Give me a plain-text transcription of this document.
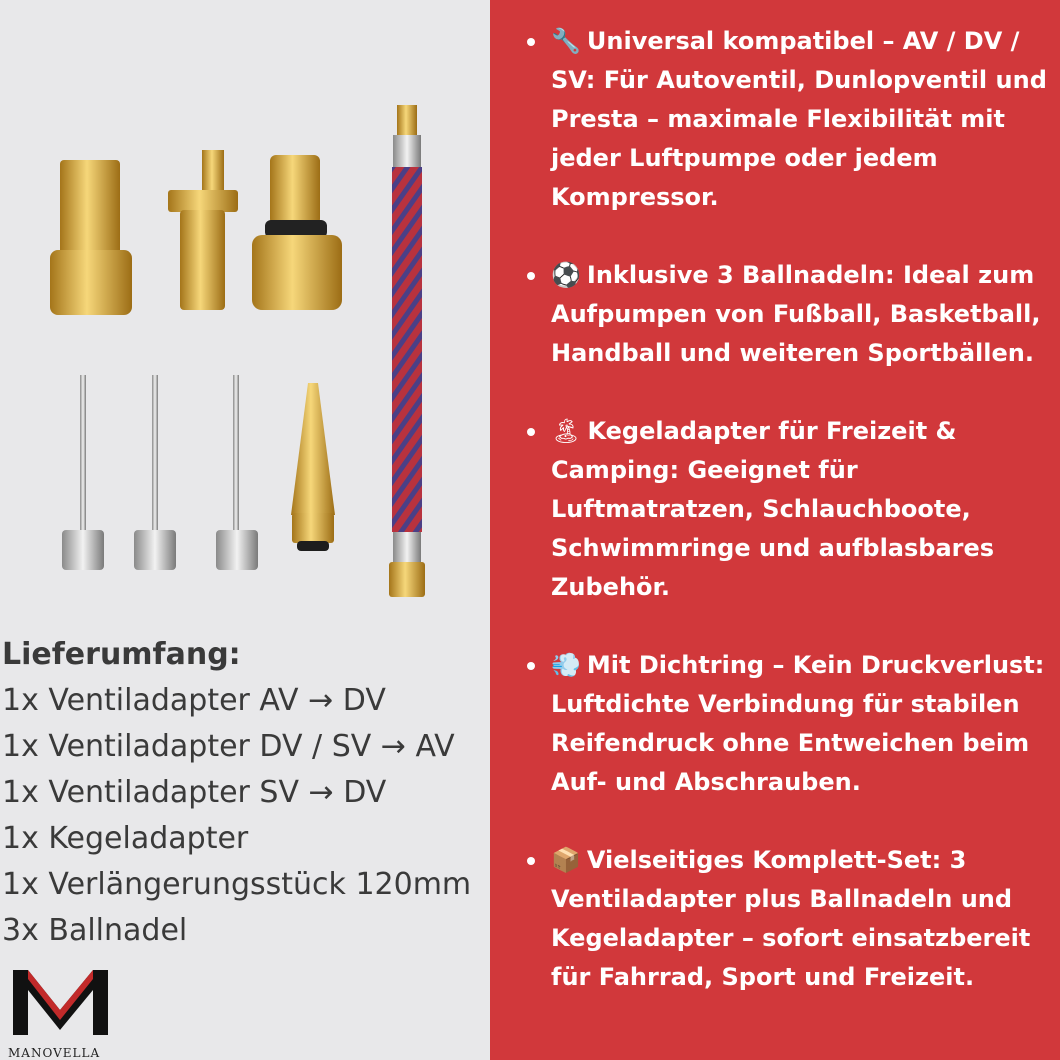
Lieferumfang:
1x Ventiladapter AV → DV
1x Ventiladapter DV / SV → AV
1x Ventiladapter SV → DV
1x Kegeladapter
1x Verlängerungsstück 120mm
3x Ballnadel
MANOVELLA
🔧 Universal kompatibel – AV / DV / SV: Für Autoventil, Dunlopventil und Presta – maximale Flexibilität mit jeder Luftpumpe oder jedem Kompressor.
⚽ Inklusive 3 Ballnadeln: Ideal zum Aufpumpen von Fußball, Basketball, Handball und weiteren Sportbällen.
🏝 Kegeladapter für Freizeit & Camping: Geeignet für Luftmatratzen, Schlauchboote, Schwimmringe und aufblasbares Zubehör.
💨 Mit Dichtring – Kein Druckverlust: Luftdichte Verbindung für stabilen Reifendruck ohne Entweichen beim Auf- und Abschrauben.
📦 Vielseitiges Komplett-Set: 3 Ventiladapter plus Ballnadeln und Kegeladapter – sofort einsatzbereit für Fahrrad, Sport und Freizeit.
